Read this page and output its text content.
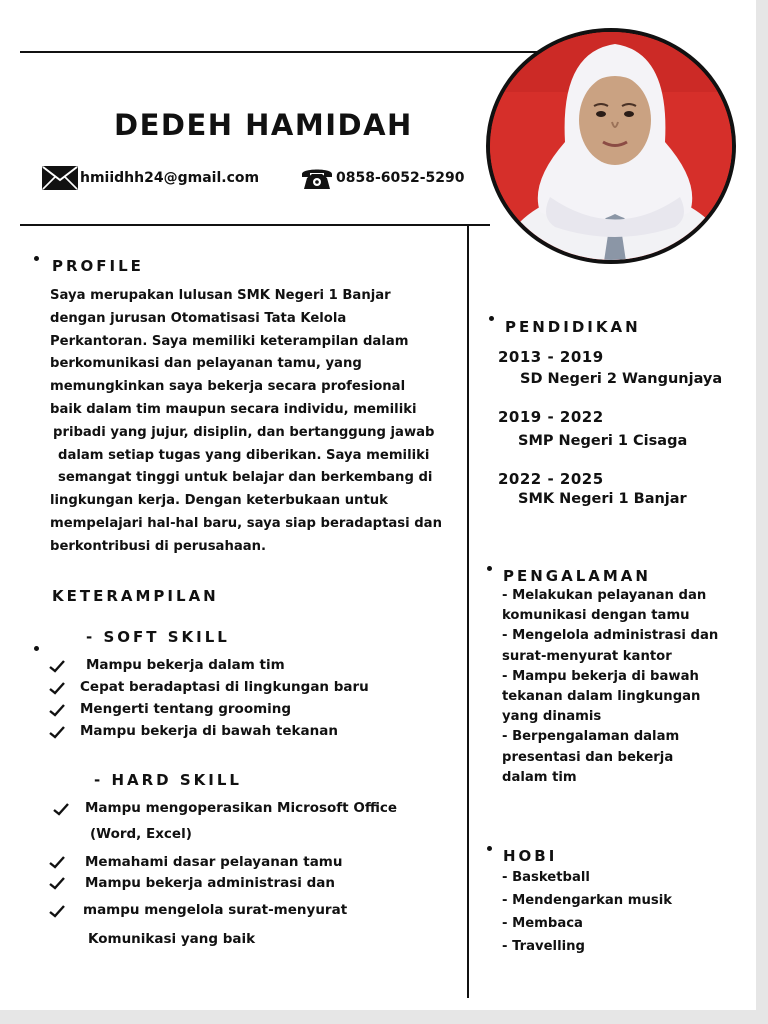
DEDEH HAMIDAH
hmiidhh24@gmail.com	0858-6052-5290
PROFILE
Saya merupakan lulusan SMK Negeri 1 Banjar
dengan jurusan Otomatisasi Tata Kelola
Perkantoran. Saya memiliki keterampilan dalam
berkomunikasi dan pelayanan tamu, yang
memungkinkan saya bekerja secara profesional
baik dalam tim maupun secara individu, memiliki
pribadi yang jujur, disiplin, dan bertanggung jawab
dalam setiap tugas yang diberikan. Saya memiliki
semangat tinggi untuk belajar dan berkembang di
lingkungan kerja. Dengan keterbukaan untuk
mempelajari hal-hal baru, saya siap beradaptasi dan
berkontribusi di perusahaan.
KETERAMPILAN
- SOFT SKILL
Mampu bekerja dalam tim
Cepat beradaptasi di lingkungan baru
Mengerti tentang grooming
Mampu bekerja di bawah tekanan
- HARD SKILL
Mampu mengoperasikan Microsoft Office
(Word, Excel)
Memahami dasar pelayanan tamu
Mampu bekerja administrasi dan
mampu mengelola surat-menyurat
Komunikasi yang baik
PENDIDIKAN
2013 - 2019
SD Negeri 2 Wangunjaya
2019 - 2022
SMP Negeri 1 Cisaga
2022 - 2025
SMK Negeri 1 Banjar
PENGALAMAN
- Melakukan pelayanan dan
komunikasi dengan tamu
- Mengelola administrasi dan
surat-menyurat kantor
- Mampu bekerja di bawah
tekanan dalam lingkungan
yang dinamis
- Berpengalaman dalam
presentasi dan bekerja
dalam tim
HOBI
- Basketball
- Mendengarkan musik
- Membaca
- Travelling
